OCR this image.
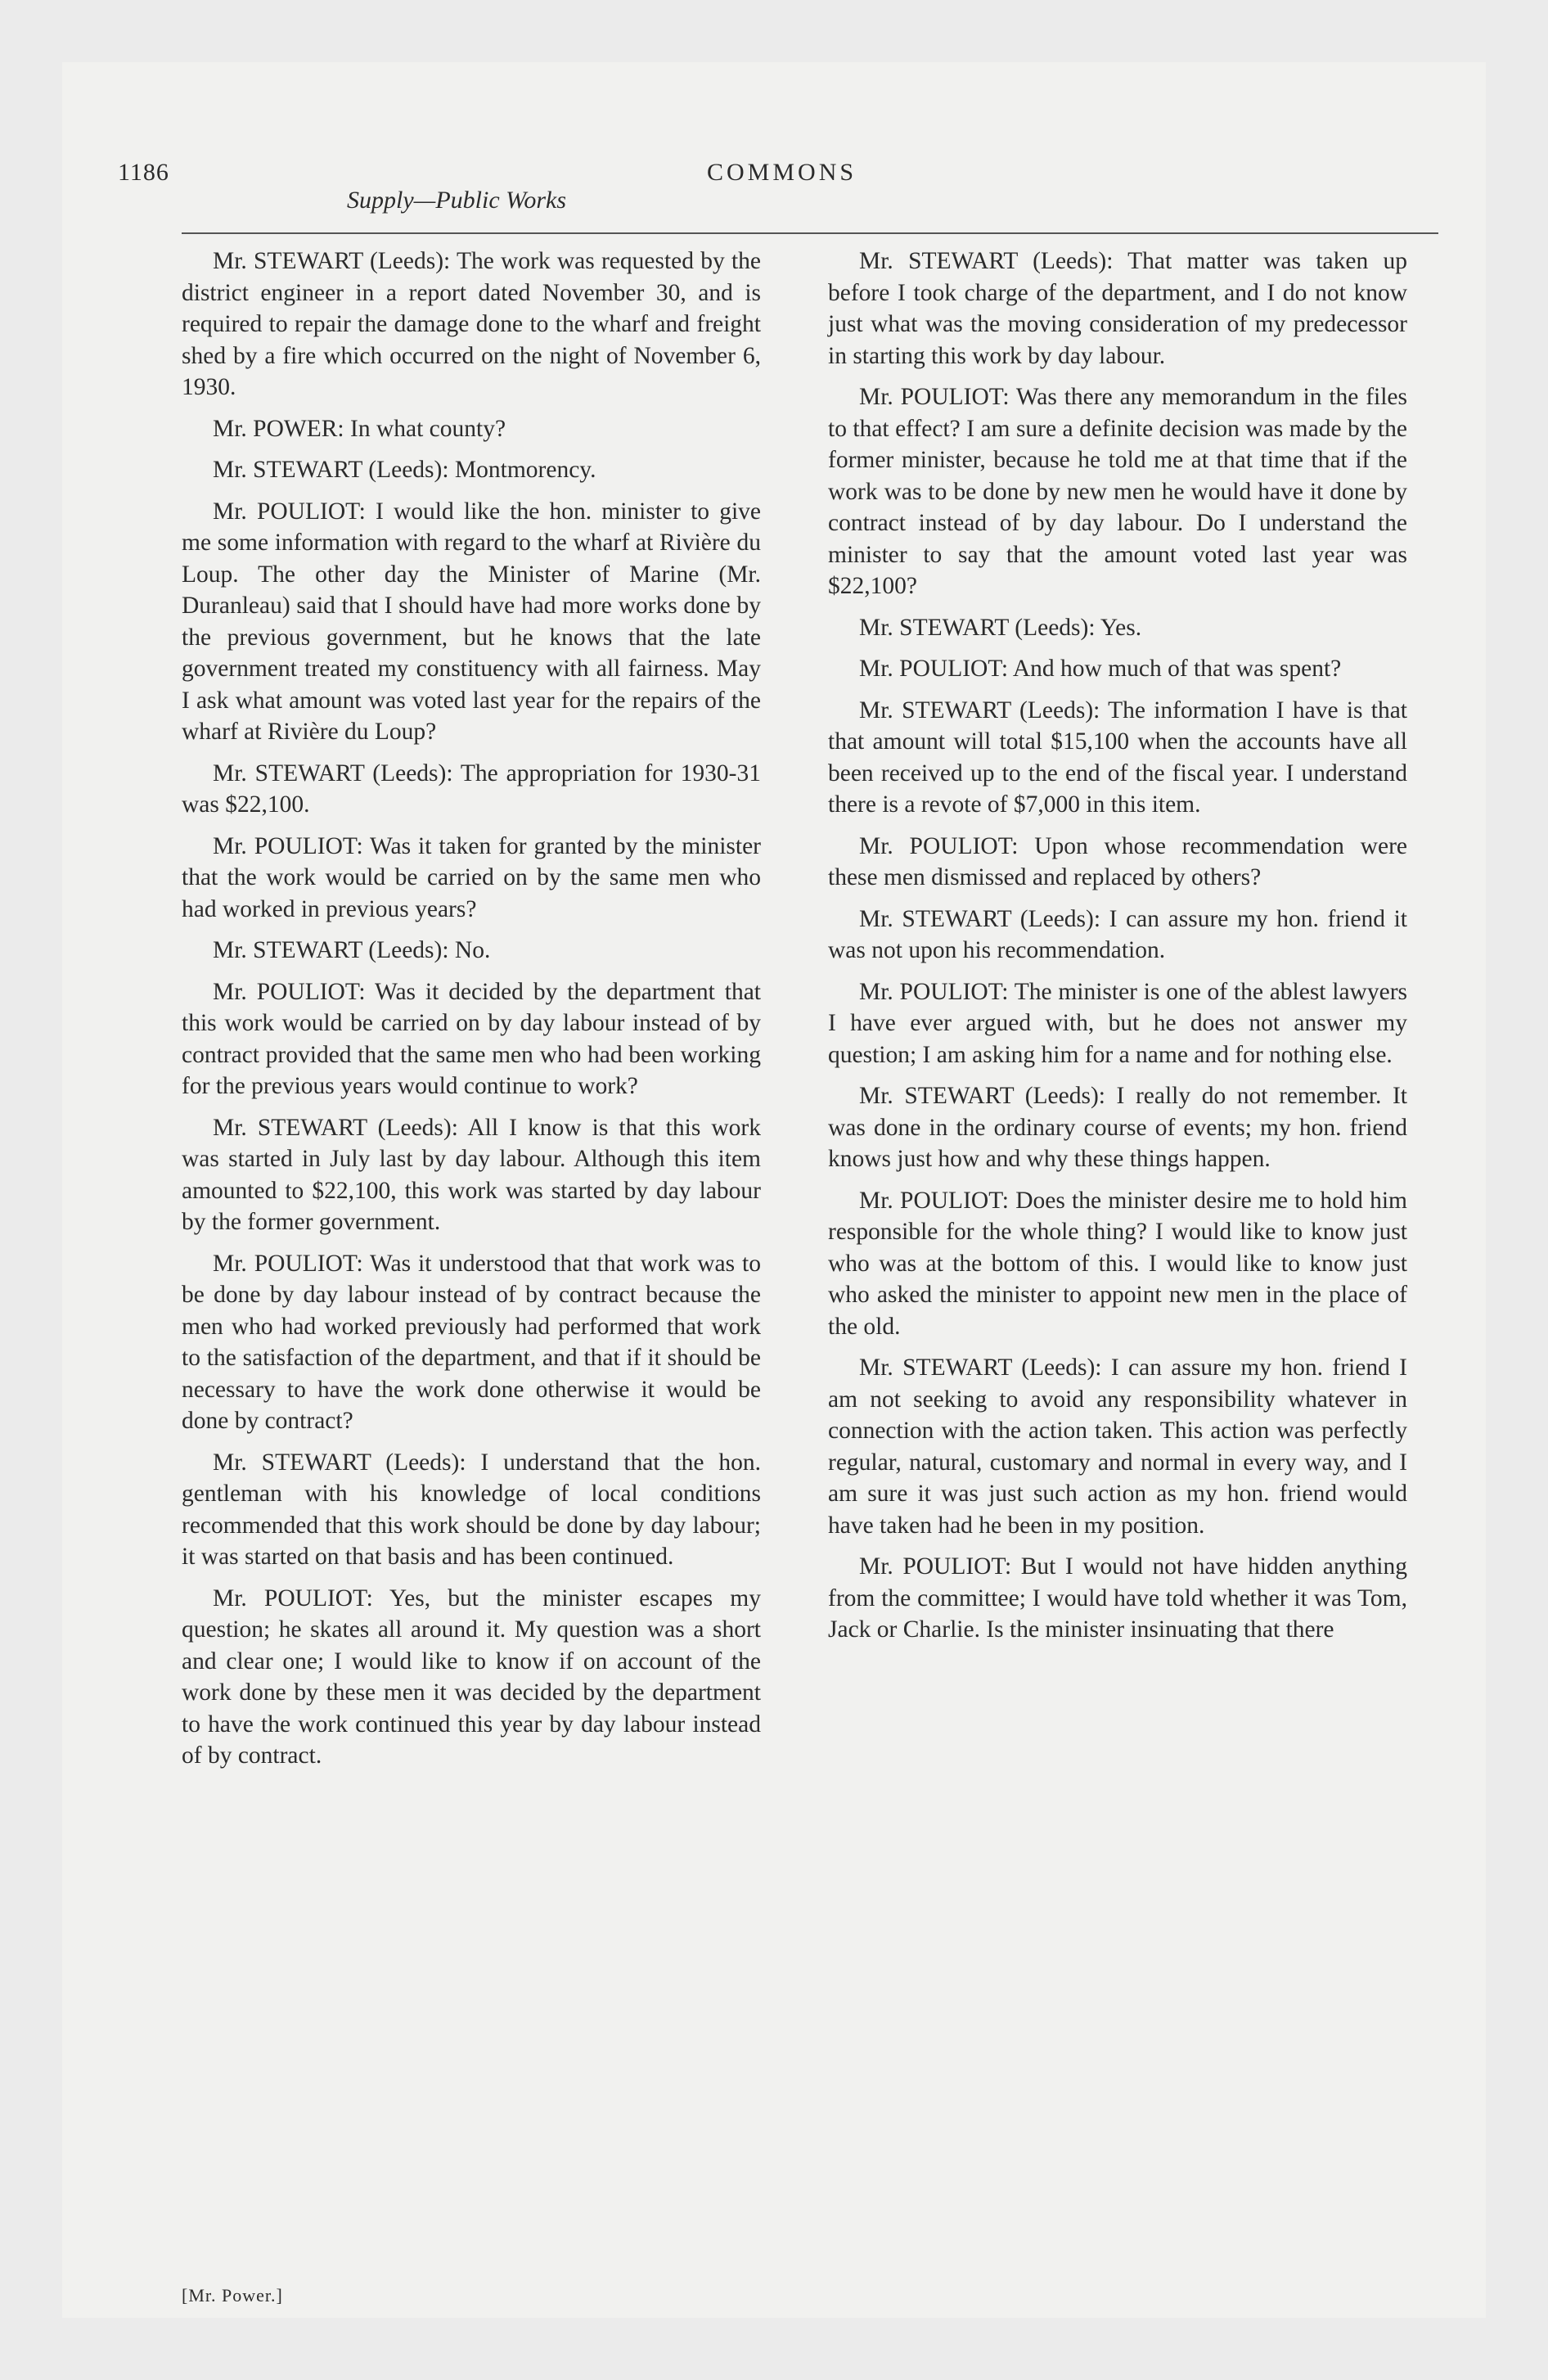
1186	COMMONS
Supply—Public Works

Mr. STEWART (Leeds): The work was requested by the district engineer in a report dated November 30, and is required to repair the damage done to the wharf and freight shed by a fire which occurred on the night of November 6, 1930.

Mr. POWER: In what county?

Mr. STEWART (Leeds): Montmorency.

Mr. POULIOT: I would like the hon. minister to give me some information with regard to the wharf at Rivière du Loup. The other day the Minister of Marine (Mr. Duranleau) said that I should have had more works done by the previous government, but he knows that the late government treated my constituency with all fairness. May I ask what amount was voted last year for the repairs of the wharf at Rivière du Loup?

Mr. STEWART (Leeds): The appropriation for 1930-31 was $22,100.

Mr. POULIOT: Was it taken for granted by the minister that the work would be carried on by the same men who had worked in previous years?

Mr. STEWART (Leeds): No.

Mr. POULIOT: Was it decided by the department that this work would be carried on by day labour instead of by contract provided that the same men who had been working for the previous years would continue to work?

Mr. STEWART (Leeds): All I know is that this work was started in July last by day labour. Although this item amounted to $22,100, this work was started by day labour by the former government.

Mr. POULIOT: Was it understood that that work was to be done by day labour instead of by contract because the men who had worked previously had performed that work to the satisfaction of the department, and that if it should be necessary to have the work done otherwise it would be done by contract?

Mr. STEWART (Leeds): I understand that the hon. gentleman with his knowledge of local conditions recommended that this work should be done by day labour; it was started on that basis and has been continued.

Mr. POULIOT: Yes, but the minister escapes my question; he skates all around it. My question was a short and clear one; I would like to know if on account of the work done by these men it was decided by the department to have the work continued this year by day labour instead of by contract.

Mr. STEWART (Leeds): That matter was taken up before I took charge of the department, and I do not know just what was the moving consideration of my predecessor in starting this work by day labour.

Mr. POULIOT: Was there any memorandum in the files to that effect? I am sure a definite decision was made by the former minister, because he told me at that time that if the work was to be done by new men he would have it done by contract instead of by day labour. Do I understand the minister to say that the amount voted last year was $22,100?

Mr. STEWART (Leeds): Yes.

Mr. POULIOT: And how much of that was spent?

Mr. STEWART (Leeds): The information I have is that that amount will total $15,100 when the accounts have all been received up to the end of the fiscal year. I understand there is a revote of $7,000 in this item.

Mr. POULIOT: Upon whose recommendation were these men dismissed and replaced by others?

Mr. STEWART (Leeds): I can assure my hon. friend it was not upon his recommendation.

Mr. POULIOT: The minister is one of the ablest lawyers I have ever argued with, but he does not answer my question; I am asking him for a name and for nothing else.

Mr. STEWART (Leeds): I really do not remember. It was done in the ordinary course of events; my hon. friend knows just how and why these things happen.

Mr. POULIOT: Does the minister desire me to hold him responsible for the whole thing? I would like to know just who was at the bottom of this. I would like to know just who asked the minister to appoint new men in the place of the old.

Mr. STEWART (Leeds): I can assure my hon. friend I am not seeking to avoid any responsibility whatever in connection with the action taken. This action was perfectly regular, natural, customary and normal in every way, and I am sure it was just such action as my hon. friend would have taken had he been in my position.

Mr. POULIOT: But I would not have hidden anything from the committee; I would have told whether it was Tom, Jack or Charlie. Is the minister insinuating that there

[Mr. Power.]
